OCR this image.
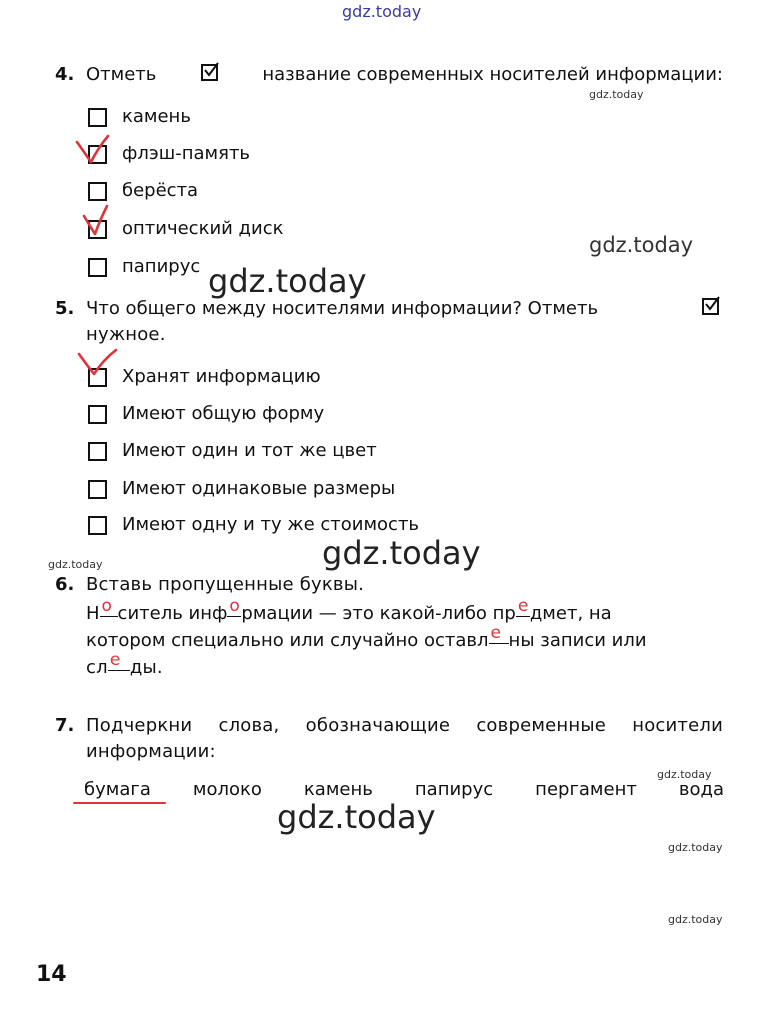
gdz.today
gdz.today
gdz.today
gdz.today
gdz.today
gdz.today
gdz.today
gdz.today
gdz.today
gdz.today
4. Отметь	название современных носителей информации:
камень
флэш-память
берёста
оптический диск
папирус
5. Что общего между носителями информации? Отметь
нужное.
Хранят информацию
Имеют общую форму
Имеют один и тот же цвет
Имеют одинаковые размеры
Имеют одну и ту же стоимость
6. Вставь пропущенные буквы.
Н о ситель инф о рмации — это какой-либо пр е дмет, на
котором специально или случайно оставл е ны записи или
сл е ды.
7. Подчеркни слова, обозначающие современные носители
информации:
бумага молоко камень папирус пергамент вода
14
